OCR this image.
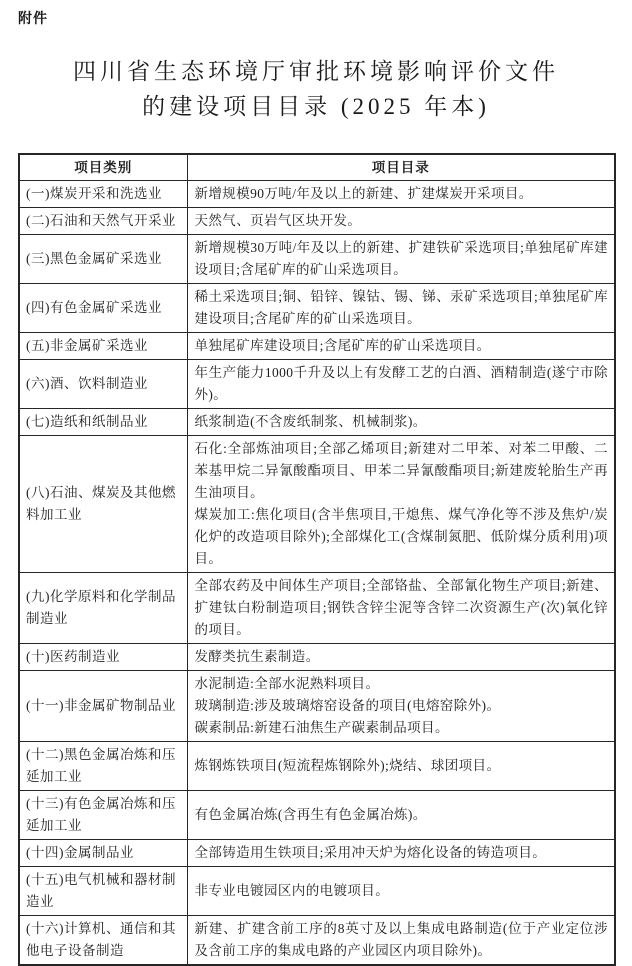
附件
四川省生态环境厅审批环境影响评价文件
的建设项目目录 (2025 年本)
项目类别	项目目录
(一)煤炭开采和洗选业	新增规模90万吨/年及以上的新建、扩建煤炭开采项目。

(二)石油和天然气开采业	天然气、页岩气区块开发。

(三)黑色金属矿采选业	新增规模30万吨/年及以上的新建、扩建铁矿采选项目;单独尾矿库建设项目;含尾矿库的矿山采选项目。

(四)有色金属矿采选业	稀土采选项目;铜、铅锌、镍钴、锡、锑、汞矿采选项目;单独尾矿库建设项目;含尾矿库的矿山采选项目。

(五)非金属矿采选业	单独尾矿库建设项目;含尾矿库的矿山采选项目。

(六)酒、饮料制造业	年生产能力1000千升及以上有发酵工艺的白酒、酒精制造(遂宁市除外)。

(七)造纸和纸制品业	纸浆制造(不含废纸制浆、机械制浆)。

(八)石油、煤炭及其他燃料加工业	石化:全部炼油项目;全部乙烯项目;新建对二甲苯、对苯二甲酸、二苯基甲烷二异氰酸酯项目、甲苯二异氰酸酯项目;新建废轮胎生产再生油项目。
煤炭加工:焦化项目(含半焦项目,干熄焦、煤气净化等不涉及焦炉/炭化炉的改造项目除外);全部煤化工(含煤制氮肥、低阶煤分质利用)项目。

(九)化学原料和化学制品制造业	全部农药及中间体生产项目;全部铬盐、全部氰化物生产项目;新建、扩建钛白粉制造项目;钢铁含锌尘泥等含锌二次资源生产(次)氧化锌的项目。

(十)医药制造业	发酵类抗生素制造。

(十一)非金属矿物制品业	水泥制造:全部水泥熟料项目。
玻璃制造:涉及玻璃熔窑设备的项目(电熔窑除外)。
碳素制品:新建石油焦生产碳素制品项目。

(十二)黑色金属冶炼和压延加工业	炼钢炼铁项目(短流程炼钢除外);烧结、球团项目。

(十三)有色金属冶炼和压延加工业	有色金属冶炼(含再生有色金属冶炼)。

(十四)金属制品业	全部铸造用生铁项目;采用冲天炉为熔化设备的铸造项目。

(十五)电气机械和器材制造业	非专业电镀园区内的电镀项目。

(十六)计算机、通信和其他电子设备制造	新建、扩建含前工序的8英寸及以上集成电路制造(位于产业定位涉及含前工序的集成电路的产业园区内项目除外)。
